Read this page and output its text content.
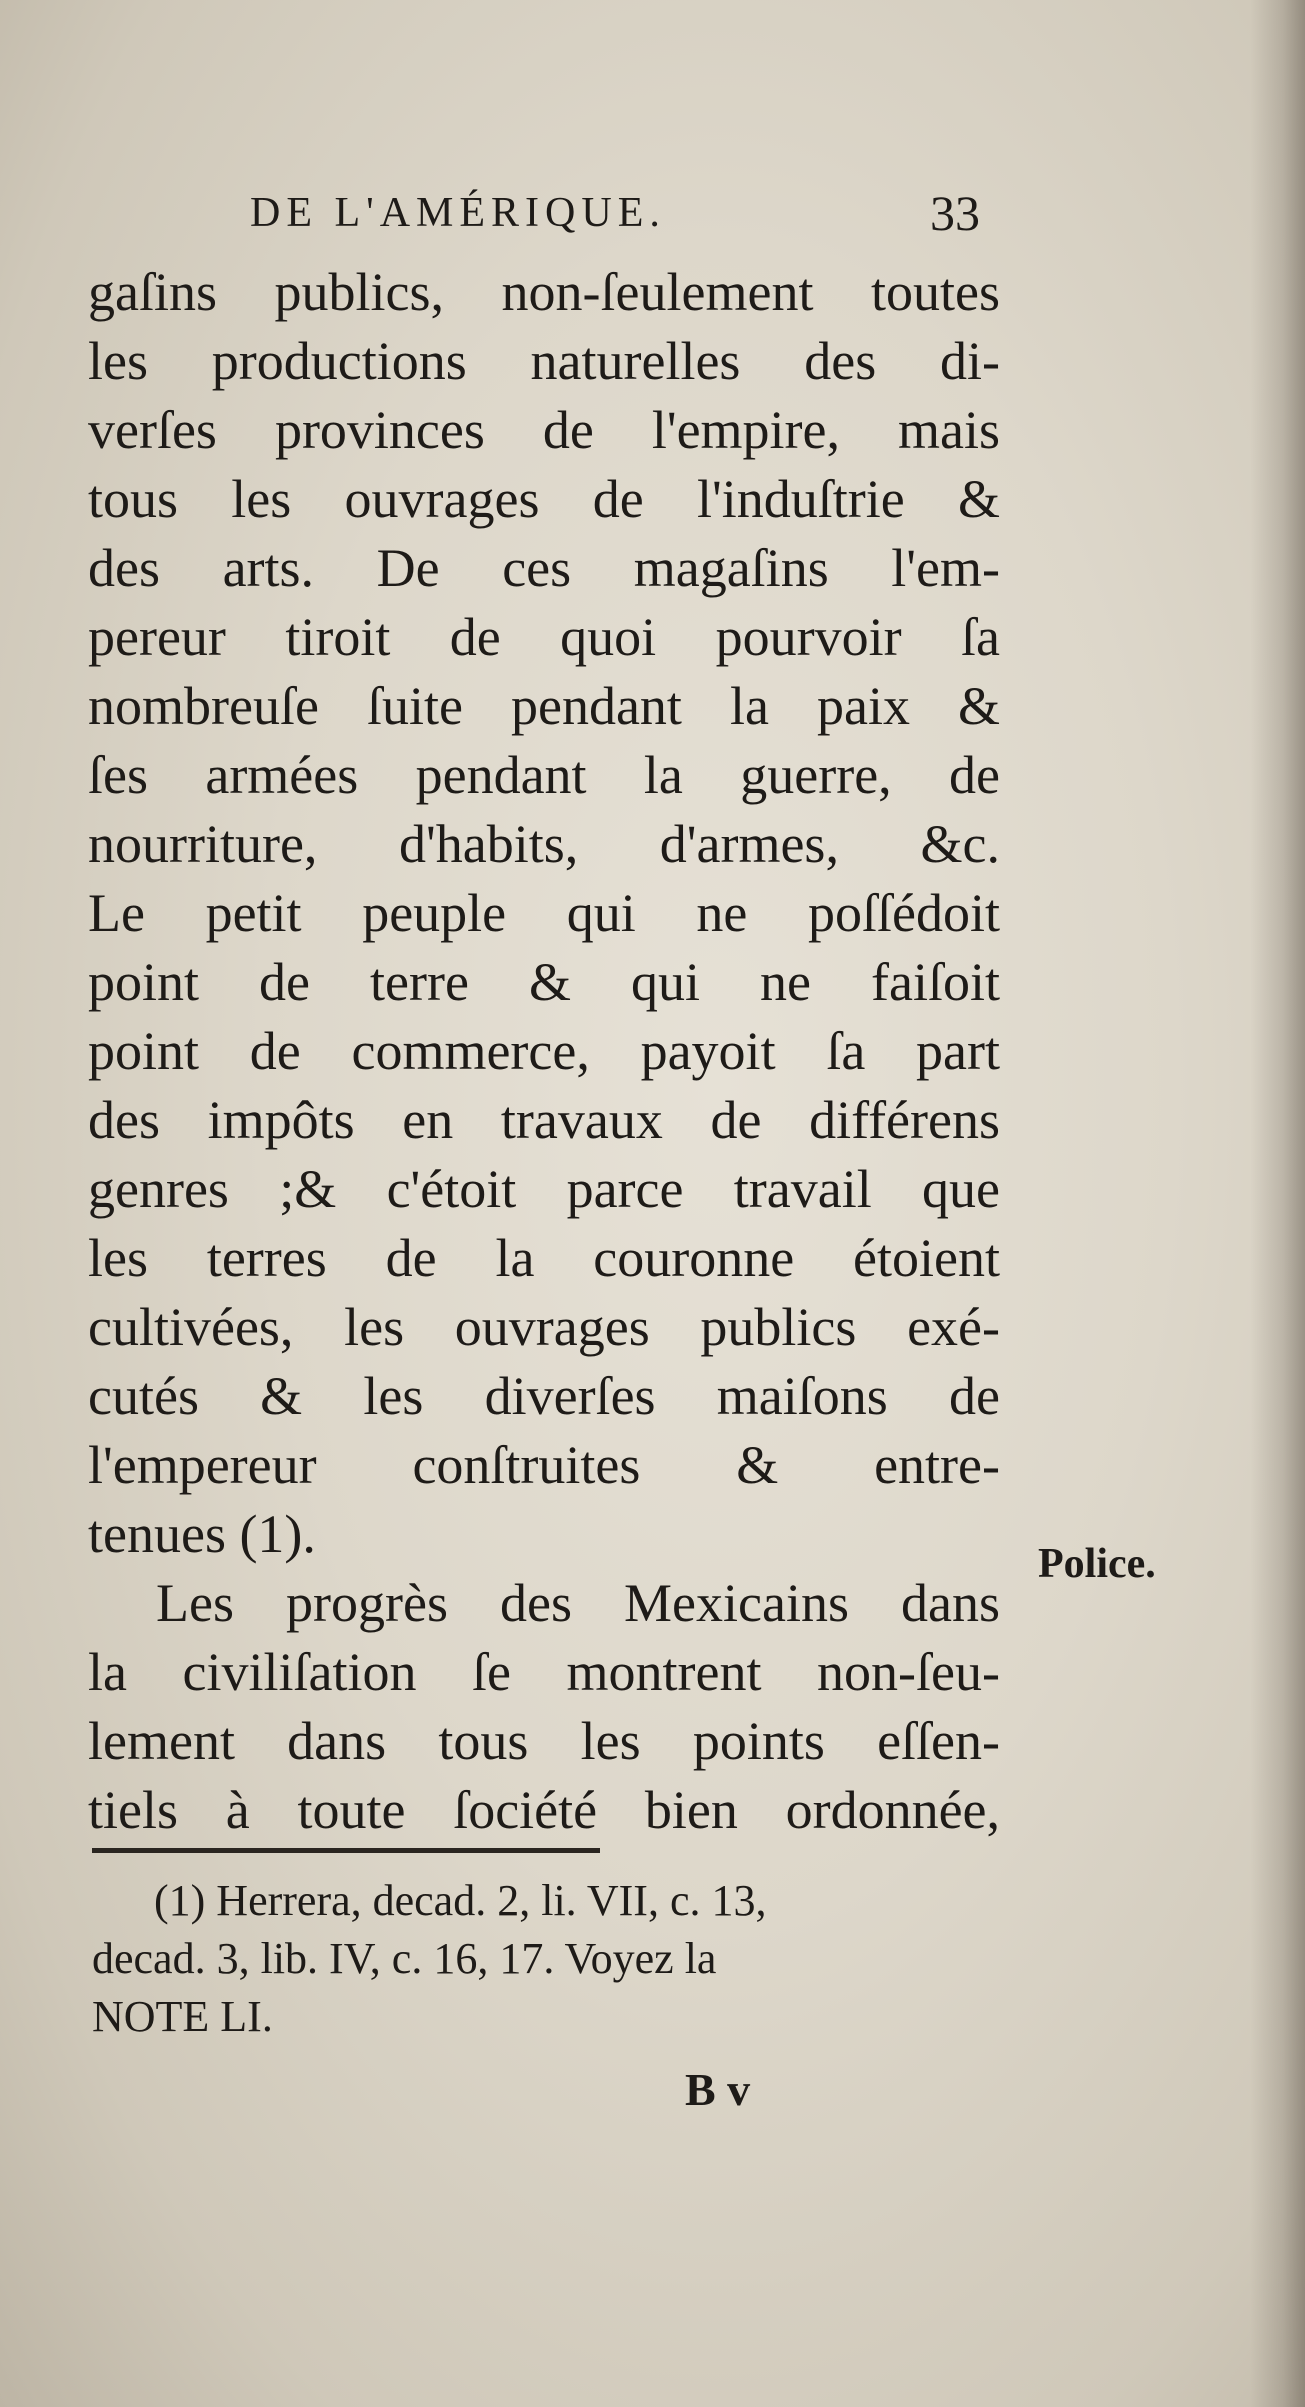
DE L'AMÉRIQUE.	33
gaſins publics, non-ſeulement toutes
les productions naturelles des di-
verſes provinces de l'empire, mais
tous les ouvrages de l'induſtrie &
des arts. De ces magaſins l'em-
pereur tiroit de quoi pourvoir ſa
nombreuſe ſuite pendant la paix &
ſes armées pendant la guerre, de
nourriture, d'habits, d'armes, &c.
Le petit peuple qui ne poſſédoit
point de terre & qui ne faiſoit
point de commerce, payoit ſa part
des impôts en travaux de différens
genres ;& c'étoit parce travail que
les terres de la couronne étoient
cultivées, les ouvrages publics exé-
cutés & les diverſes maiſons de
l'empereur conſtruites & entre-
tenues (1).
Les progrès des Mexicains dans
la civiliſation ſe montrent non-ſeu-
lement dans tous les points eſſen-
tiels à toute ſociété bien ordonnée,
Police.
(1) Herrera, decad. 2, li. VII, c. 13,
decad. 3, lib. IV, c. 16, 17. Voyez la
NOTE LI.
B v
